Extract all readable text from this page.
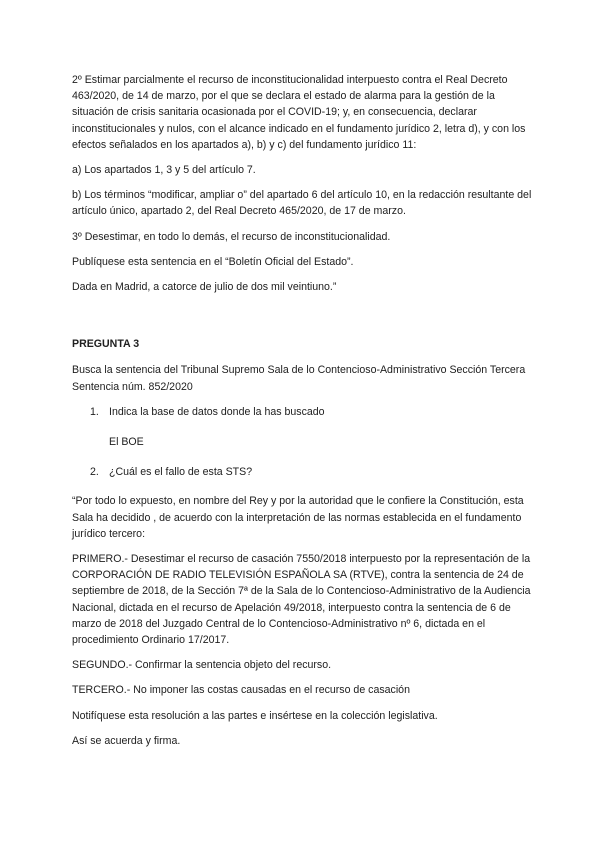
2º Estimar parcialmente el recurso de inconstitucionalidad interpuesto contra el Real Decreto 463/2020, de 14 de marzo, por el que se declara el estado de alarma para la gestión de la situación de crisis sanitaria ocasionada por el COVID-19; y, en consecuencia, declarar inconstitucionales y nulos, con el alcance indicado en el fundamento jurídico 2, letra d), y con los efectos señalados en los apartados a), b) y c) del fundamento jurídico 11:

a) Los apartados 1, 3 y 5 del artículo 7.

b) Los términos “modificar, ampliar o” del apartado 6 del artículo 10, en la redacción resultante del artículo único, apartado 2, del Real Decreto 465/2020, de 17 de marzo.

3º Desestimar, en todo lo demás, el recurso de inconstitucionalidad.

Publíquese esta sentencia en el “Boletín Oficial del Estado”.

Dada en Madrid, a catorce de julio de dos mil veintiuno.”

PREGUNTA 3

Busca la sentencia del Tribunal Supremo Sala de lo Contencioso-Administrativo Sección Tercera Sentencia núm. 852/2020

1. Indica la base de datos donde la has buscado

El BOE

2. ¿Cuál es el fallo de esta STS?

“Por todo lo expuesto, en nombre del Rey y por la autoridad que le confiere la Constitución, esta Sala ha decidido , de acuerdo con la interpretación de las normas establecida en el fundamento jurídico tercero:

PRIMERO.- Desestimar el recurso de casación 7550/2018 interpuesto por la representación de la CORPORACIÓN DE RADIO TELEVISIÓN ESPAÑOLA SA (RTVE), contra la sentencia de 24 de septiembre de 2018, de la Sección 7ª de la Sala de lo Contencioso-Administrativo de la Audiencia Nacional, dictada en el recurso de Apelación 49/2018, interpuesto contra la sentencia de 6 de marzo de 2018 del Juzgado Central de lo Contencioso-Administrativo nº 6, dictada en el procedimiento Ordinario 17/2017.

SEGUNDO.- Confirmar la sentencia objeto del recurso.

TERCERO.- No imponer las costas causadas en el recurso de casación

Notifíquese esta resolución a las partes e insértese en la colección legislativa.

Así se acuerda y firma.
